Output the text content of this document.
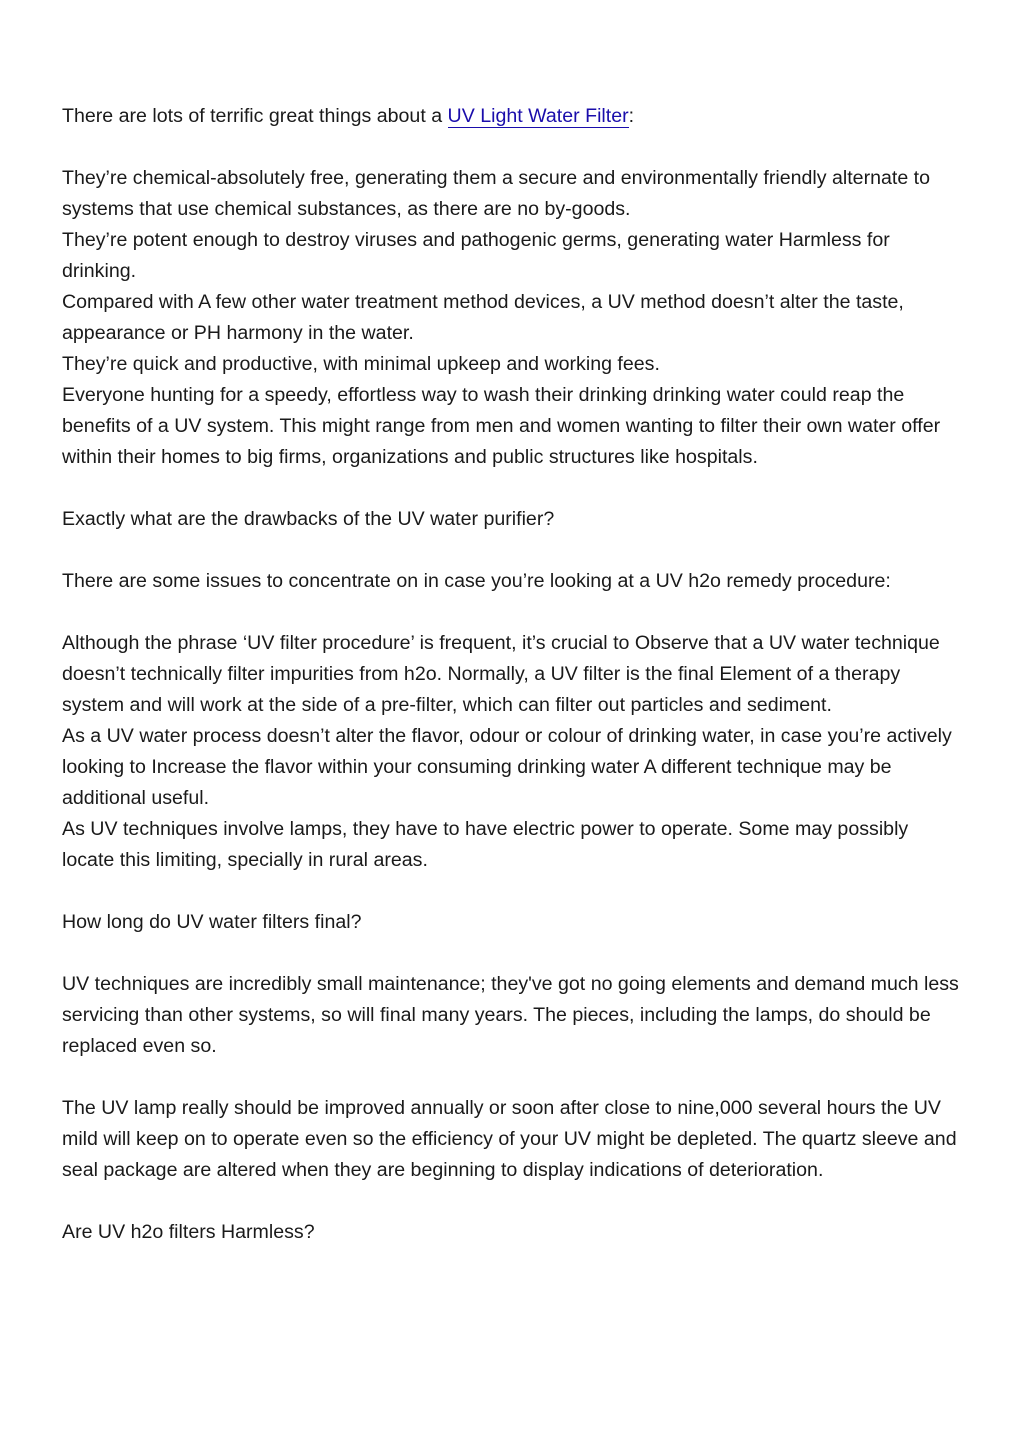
There are lots of terrific great things about a UV Light Water Filter:

They’re chemical-absolutely free, generating them a secure and environmentally friendly alternate to systems that use chemical substances, as there are no by-goods.

They’re potent enough to destroy viruses and pathogenic germs, generating water Harmless for drinking.

Compared with A few other water treatment method devices, a UV method doesn’t alter the taste, appearance or PH harmony in the water.

They’re quick and productive, with minimal upkeep and working fees.

Everyone hunting for a speedy, effortless way to wash their drinking drinking water could reap the benefits of a UV system. This might range from men and women wanting to filter their own water offer within their homes to big firms, organizations and public structures like hospitals.

Exactly what are the drawbacks of the UV water purifier?

There are some issues to concentrate on in case you’re looking at a UV h2o remedy procedure:

Although the phrase ‘UV filter procedure’ is frequent, it’s crucial to Observe that a UV water technique doesn’t technically filter impurities from h2o. Normally, a UV filter is the final Element of a therapy system and will work at the side of a pre-filter, which can filter out particles and sediment.

As a UV water process doesn’t alter the flavor, odour or colour of drinking water, in case you’re actively looking to Increase the flavor within your consuming drinking water A different technique may be additional useful.

As UV techniques involve lamps, they have to have electric power to operate. Some may possibly locate this limiting, specially in rural areas.

How long do UV water filters final?

UV techniques are incredibly small maintenance; they've got no going elements and demand much less servicing than other systems, so will final many years. The pieces, including the lamps, do should be replaced even so.

The UV lamp really should be improved annually or soon after close to nine,000 several hours the UV mild will keep on to operate even so the efficiency of your UV might be depleted. The quartz sleeve and seal package are altered when they are beginning to display indications of deterioration.

Are UV h2o filters Harmless?
